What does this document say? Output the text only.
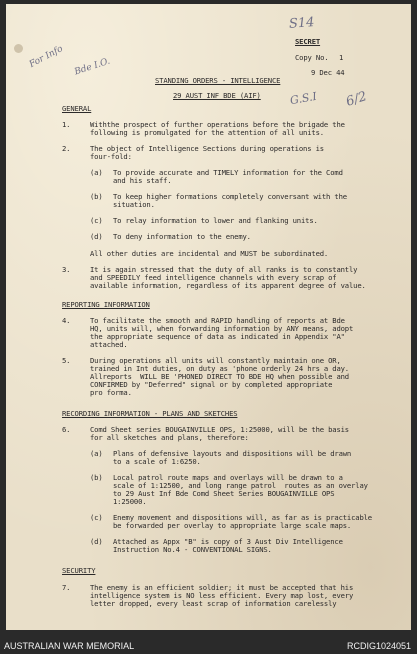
S14
For Info Bde I.O.
G.S.I 6/2
SECRET
Copy No. 1
9 Dec 44
STANDING ORDERS - INTELLIGENCE
29 AUST INF BDE (AIF)
GENERAL
1.	Withthe prospect of further operations before the brigade the
following is promulgated for the attention of all units.
2.	The object of Intelligence Sections during operations is
four-fold:
(a) To provide accurate and TIMELY information for the Comd
and his staff.
(b) To keep higher formations completely conversant with the
situation.
(c) To relay information to lower and flanking units.
(d) To deny information to the enemy.
All other duties are incidental and MUST be subordinated.
3.	It is again stressed that the duty of all ranks is to constantly
and SPEEDILY feed intelligence channels with every scrap of
available information, regardless of its apparent degree of value.
REPORTING INFORMATION
4.	To facilitate the smooth and RAPID handling of reports at Bde
HQ, units will, when forwarding information by ANY means, adopt
the appropriate sequence of data as indicated in Appendix "A"
attached.
5.	During operations all units will constantly maintain one OR,
trained in Int duties, on duty as 'phone orderly 24 hrs a day.
Allreports  WILL BE 'PHONED DIRECT TO BDE HQ when possible and
CONFIRMED by "Deferred" signal or by completed appropriate
pro forma.
RECORDING INFORMATION - PLANS AND SKETCHES
6.	Comd Sheet series BOUGAINVILLE OPS, 1:25000, will be the basis
for all sketches and plans, therefore:
(a) Plans of defensive layouts and dispositions will be drawn
to a scale of 1:6250.
(b) Local patrol route maps and overlays will be drawn to a
scale of 1:12500, and long range patrol  routes as an overlay
to 29 Aust Inf Bde Comd Sheet Series BOUGAINVILLE OPS
1:25000.
(c) Enemy movement and dispositions will, as far as is practicable
be forwarded per overlay to appropriate large scale maps.
(d) Attached as Appx "B" is copy of 3 Aust Div Intelligence
Instruction No.4 - CONVENTIONAL SIGNS.
SECURITY
7.	The enemy is an efficient soldier; it must be accepted that his
intelligence system is NO less efficient. Every map lost, every
letter dropped, every least scrap of information carelessly
AUSTRALIAN WAR MEMORIAL	RCDIG1024051
